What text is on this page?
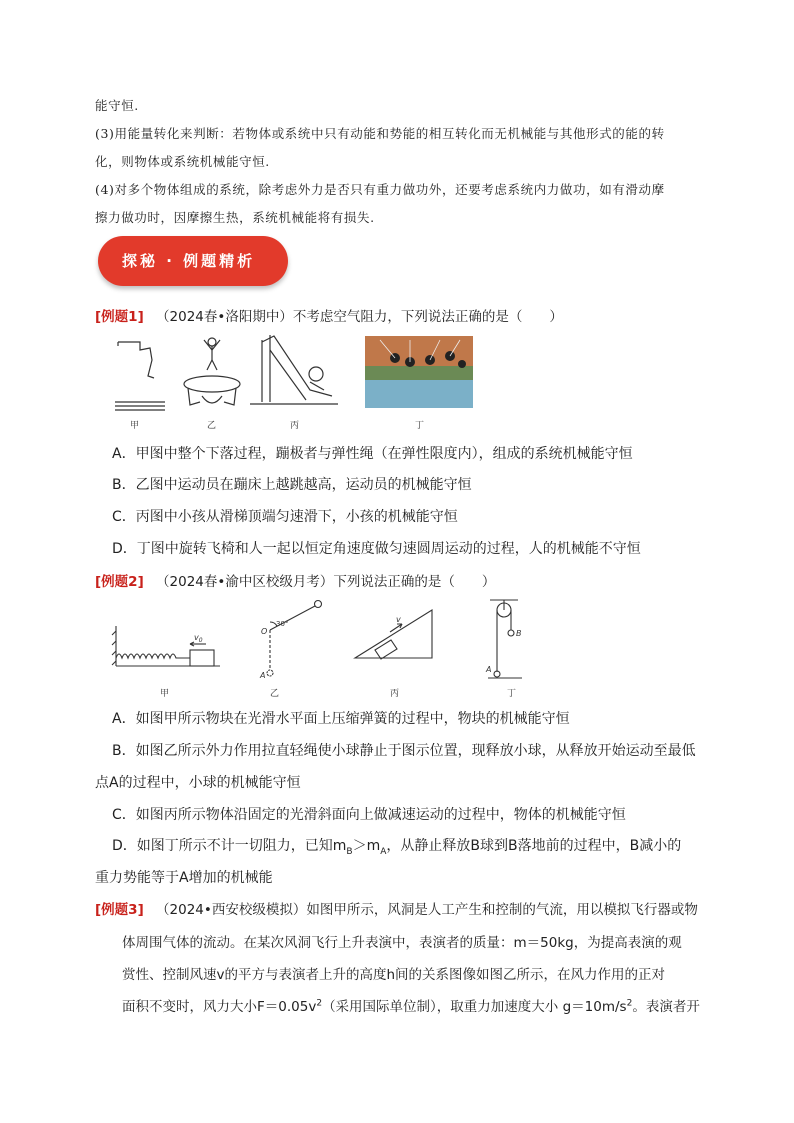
能守恒.
(3)用能量转化来判断：若物体或系统中只有动能和势能的相互转化而无机械能与其他形式的能的转
化，则物体或系统机械能守恒.
(4)对多个物体组成的系统，除考虑外力是否只有重力做功外，还要考虑系统内力做功，如有滑动摩
擦力做功时，因摩擦生热，系统机械能将有损失.
探秘 · 例题精析
[例题1] （2024春•洛阳期中）不考虑空气阻力，下列说法正确的是（　　）
甲	乙	丙	丁
A．甲图中整个下落过程，蹦极者与弹性绳（在弹性限度内），组成的系统机械能守恒
B．乙图中运动员在蹦床上越跳越高，运动员的机械能守恒
C．丙图中小孩从滑梯顶端匀速滑下，小孩的机械能守恒
D．丁图中旋转飞椅和人一起以恒定角速度做匀速圆周运动的过程，人的机械能不守恒
[例题2] （2024春•渝中区校级月考）下列说法正确的是（　　）
$v_0$
O
30°
A
v
B
A
甲	乙	丙	丁
A．如图甲所示物块在光滑水平面上压缩弹簧的过程中，物块的机械能守恒
B．如图乙所示外力作用拉直轻绳使小球静止于图示位置，现释放小球，从释放开始运动至最低
点A的过程中，小球的机械能守恒
C．如图丙所示物体沿固定的光滑斜面向上做减速运动的过程中，物体的机械能守恒
D．如图丁所示不计一切阻力，已知$m_B>m_A$，从静止释放B球到B落地前的过程中，B减小的
重力势能等于A增加的机械能
[例题3] （2024•西安校级模拟）如图甲所示，风洞是人工产生和控制的气流，用以模拟飞行器或物
体周围气体的流动。在某次风洞飞行上升表演中，表演者的质量：m＝50kg，为提高表演的观
赏性、控制风速v的平方与表演者上升的高度h间的关系图像如图乙所示，在风力作用的正对
面积不变时，风力大小$F=0.05v^2$（采用国际单位制），取重力加速度大小 $g=10m/s^2$。表演者开
